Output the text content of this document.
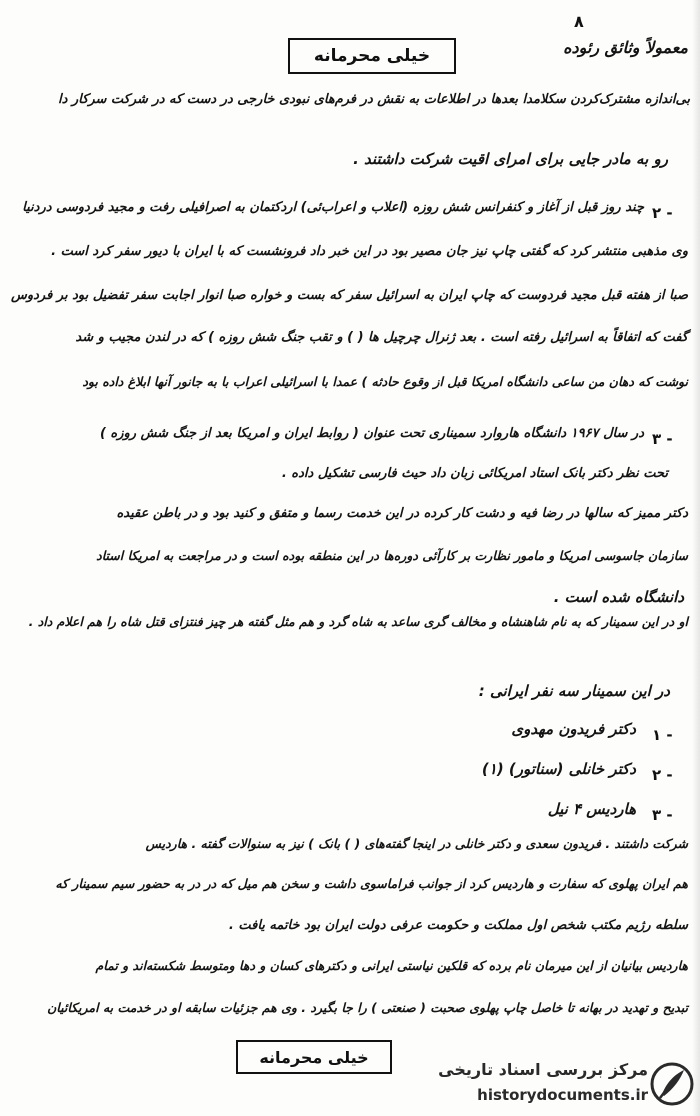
۸
معمولاً وثائق رئوده
خیلی محرمانه
بی‌اندازه مشترک‌کردن سکلامدا بعدها در اطلاعات به نقش در فرم‌های نبودی خارجی در دست که در شرکت سرکار دا
رو به مادر جایی برای امرای اقیت شرکت داشتند .
۲ -
چند روز قبل از آغاز و کنفرانس شش روزه (اعلاب و اعراب‌ئی) اردکتمان به اصرافیلی رفت و مجید فردوسی دردنیا
وی مذهبی منتشر کرد که گفتی چاپ نیز جان مصیر بود در این خبر داد فرونشست که با ایران با دیور سفر کرد است .
صبا از هفته قبل مجید فردوست که چاپ ایران به اسرائیل سفر که بست و خواره صبا انوار اجابت سفر تفضیل بود بر فردوس
گفت که اتفاقاً به اسرائیل رفته است . بعد ژنرال چرچیل ها ( ) و تقب جنگ شش روزه ) که در لندن مجیب و شد
نوشت که دهان من ساعی دانشگاه امریکا قبل از وقوع حادثه ) عمدا با اسرائیلی اعراب با به جانور آنها ابلاغ داده بود
۳ -
در سال ۱۹۶۷ دانشگاه هاروارد سمیناری تحت عنوان ( روابط ایران و امریکا بعد از جنگ شش روزه )
تحت نظر دکتر بانک استاد امریکائی زبان داد حیث فارسی تشکیل داده .
دکتر ممیز که سالها در رضا فیه و دشت کار کرده در این خدمت رسما و متفق و کنید بود و در باطن عقیده
سازمان جاسوسی امریکا و مامور نظارت بر کارآئی دوره‌ها در این منطقه بوده است و در مراجعت به امریکا استاد
دانشگاه شده است .
او در این سمینار که به نام شاهنشاه و مخالف گری ساعد به شاه گرد و هم مثل گفته هر چیز فنتزای قتل شاه را هم اعلام داد .
در این سمینار سه نفر ایرانی :
۱ -
دکتر فریدون مهدوی
۲ -
دکتر خانلی (سناتور) (۱)
۳ -
هاردیس ۴ نیل
شرکت داشتند . فریدون سعدی و دکتر خانلی در اینجا گفته‌های ( ) بانک ) نیز به سنوالات گفته . هاردیس
هم ایران پهلوی که سفارت و هاردیس کرد از جوانب فراماسوی داشت و سخن هم میل که در در به حضور سیم سمینار که
سلطه رژیم مکتب شخص اول مملکت و حکومت عرفی دولت ایران بود خاتمه یافت .
هاردیس بیانیان از این میرمان نام برده که قلکین نیاستی ایرانی و دکترهای کسان و دها ومتوسط شکسته‌اند و تمام
تبدیح و تهدید در بهانه تا خاصل چاپ پهلوی صحبت ( صنعتی ) را جا بگیرد . وی هم جزئیات سابقه او در خدمت به امریکائیان
خیلی محرمانه
مرکز بررسی اسناد تاریخی
historydocuments.ir
